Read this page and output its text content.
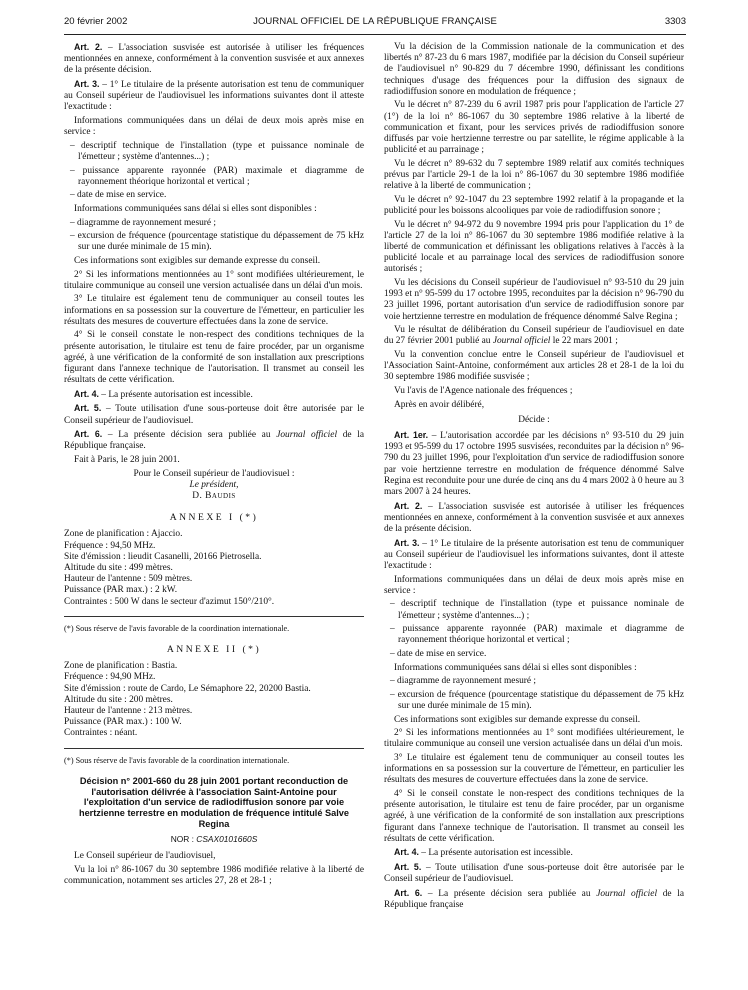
20 février 2002	JOURNAL OFFICIEL DE LA RÉPUBLIQUE FRANÇAISE	3303

Art. 2. – L'association susvisée est autorisée à utiliser les fréquences mentionnées en annexe, conformément à la convention susvisée et aux annexes de la présente décision.

Art. 3. – 1° Le titulaire de la présente autorisation est tenu de communiquer au Conseil supérieur de l'audiovisuel les informations suivantes dont il atteste l'exactitude :

Informations communiquées dans un délai de deux mois après mise en service :

– descriptif technique de l'installation (type et puissance nominale de l'émetteur ; système d'antennes...) ;

– puissance apparente rayonnée (PAR) maximale et diagramme de rayonnement théorique horizontal et vertical ;

– date de mise en service.

Informations communiquées sans délai si elles sont disponibles :

– diagramme de rayonnement mesuré ;

– excursion de fréquence (pourcentage statistique du dépassement de 75 kHz sur une durée minimale de 15 min).

Ces informations sont exigibles sur demande expresse du conseil.

2° Si les informations mentionnées au 1° sont modifiées ultérieurement, le titulaire communique au conseil une version actualisée dans un délai d'un mois.

3° Le titulaire est également tenu de communiquer au conseil toutes les informations en sa possession sur la couverture de l'émetteur, en particulier les résultats des mesures de couverture effectuées dans la zone de service.

4° Si le conseil constate le non-respect des conditions techniques de la présente autorisation, le titulaire est tenu de faire procéder, par un organisme agréé, à une vérification de la conformité de son installation aux prescriptions figurant dans l'annexe technique de l'autorisation. Il transmet au conseil les résultats de cette vérification.

Art. 4. – La présente autorisation est incessible.

Art. 5. – Toute utilisation d'une sous-porteuse doit être autorisée par le Conseil supérieur de l'audiovisuel.

Art. 6. – La présente décision sera publiée au Journal officiel de la République française.

Fait à Paris, le 28 juin 2001.

Pour le Conseil supérieur de l'audiovisuel :
Le président,
D. Baudis
ANNEXE I (*)

Zone de planification : Ajaccio.

Fréquence : 94,50 MHz.

Site d'émission : lieudit Casanelli, 20166 Pietrosella.

Altitude du site : 499 mètres.

Hauteur de l'antenne : 509 mètres.

Puissance (PAR max.) : 2 kW.

Contraintes : 500 W dans le secteur d'azimut 150°/210°.

(*) Sous réserve de l'avis favorable de la coordination internationale.

ANNEXE II (*)

Zone de planification : Bastia.

Fréquence : 94,90 MHz.

Site d'émission : route de Cardo, Le Sémaphore 22, 20200 Bastia.

Altitude du site : 200 mètres.

Hauteur de l'antenne : 213 mètres.

Puissance (PAR max.) : 100 W.

Contraintes : néant.

(*) Sous réserve de l'avis favorable de la coordination internationale.

Décision n° 2001-660 du 28 juin 2001 portant reconduction de l'autorisation délivrée à l'association Saint-Antoine pour l'exploitation d'un service de radiodiffusion sonore par voie hertzienne terrestre en modulation de fréquence intitulé Salve Regina
NOR : CSAX0101660S

Le Conseil supérieur de l'audiovisuel,

Vu la loi n° 86-1067 du 30 septembre 1986 modifiée relative à la liberté de communication, notamment ses articles 27, 28 et 28-1 ;

Vu la décision de la Commission nationale de la communication et des libertés n° 87-23 du 6 mars 1987, modifiée par la décision du Conseil supérieur de l'audiovisuel n° 90-829 du 7 décembre 1990, définissant les conditions techniques d'usage des fréquences pour la diffusion des signaux de radiodiffusion sonore en modulation de fréquence ;

Vu le décret n° 87-239 du 6 avril 1987 pris pour l'application de l'article 27 (1°) de la loi n° 86-1067 du 30 septembre 1986 relative à la liberté de communication et fixant, pour les services privés de radiodiffusion sonore diffusés par voie hertzienne terrestre ou par satellite, le régime applicable à la publicité et au parrainage ;

Vu le décret n° 89-632 du 7 septembre 1989 relatif aux comités techniques prévus par l'article 29-1 de la loi n° 86-1067 du 30 septembre 1986 modifiée relative à la liberté de communication ;

Vu le décret n° 92-1047 du 23 septembre 1992 relatif à la propagande et la publicité pour les boissons alcooliques par voie de radiodiffusion sonore ;

Vu le décret n° 94-972 du 9 novembre 1994 pris pour l'application du 1° de l'article 27 de la loi n° 86-1067 du 30 septembre 1986 modifiée relative à la liberté de communication et définissant les obligations relatives à l'accès à la publicité locale et au parrainage local des services de radiodiffusion sonore autorisés ;

Vu les décisions du Conseil supérieur de l'audiovisuel n° 93-510 du 29 juin 1993 et n° 95-599 du 17 octobre 1995, reconduites par la décision n° 96-790 du 23 juillet 1996, portant autorisation d'un service de radiodiffusion sonore par voie hertzienne terrestre en modulation de fréquence dénommé Salve Regina ;

Vu le résultat de délibération du Conseil supérieur de l'audiovisuel en date du 27 février 2001 publié au Journal officiel le 22 mars 2001 ;

Vu la convention conclue entre le Conseil supérieur de l'audiovisuel et l'Association Saint-Antoine, conformément aux articles 28 et 28-1 de la loi du 30 septembre 1986 modifiée susvisée ;

Vu l'avis de l'Agence nationale des fréquences ;

Après en avoir délibéré,

Décide :

Art. 1er. – L'autorisation accordée par les décisions n° 93-510 du 29 juin 1993 et 95-599 du 17 octobre 1995 susvisées, reconduites par la décision n° 96-790 du 23 juillet 1996, pour l'exploitation d'un service de radiodiffusion sonore par voie hertzienne terrestre en modulation de fréquence dénommé Salve Regina est reconduite pour une durée de cinq ans du 4 mars 2002 à 0 heure au 3 mars 2007 à 24 heures.

Art. 2. – L'association susvisée est autorisée à utiliser les fréquences mentionnées en annexe, conformément à la convention susvisée et aux annexes de la présente décision.

Art. 3. – 1° Le titulaire de la présente autorisation est tenu de communiquer au Conseil supérieur de l'audiovisuel les informations suivantes, dont il atteste l'exactitude :

Informations communiquées dans un délai de deux mois après mise en service :

– descriptif technique de l'installation (type et puissance nominale de l'émetteur ; système d'antennes...) ;

– puissance apparente rayonnée (PAR) maximale et diagramme de rayonnement théorique horizontal et vertical ;

– date de mise en service.

Informations communiquées sans délai si elles sont disponibles :

– diagramme de rayonnement mesuré ;

– excursion de fréquence (pourcentage statistique du dépassement de 75 kHz sur une durée minimale de 15 min).

Ces informations sont exigibles sur demande expresse du conseil.

2° Si les informations mentionnées au 1° sont modifiées ultérieurement, le titulaire communique au conseil une version actualisée dans un délai d'un mois.

3° Le titulaire est également tenu de communiquer au conseil toutes les informations en sa possession sur la couverture de l'émetteur, en particulier les résultats des mesures de couverture effectuées dans la zone de service.

4° Si le conseil constate le non-respect des conditions techniques de la présente autorisation, le titulaire est tenu de faire procéder, par un organisme agréé, à une vérification de la conformité de son installation aux prescriptions figurant dans l'annexe technique de l'autorisation. Il transmet au conseil les résultats de cette vérification.

Art. 4. – La présente autorisation est incessible.

Art. 5. – Toute utilisation d'une sous-porteuse doit être autorisée par le Conseil supérieur de l'audiovisuel.

Art. 6. – La présente décision sera publiée au Journal officiel de la République française
